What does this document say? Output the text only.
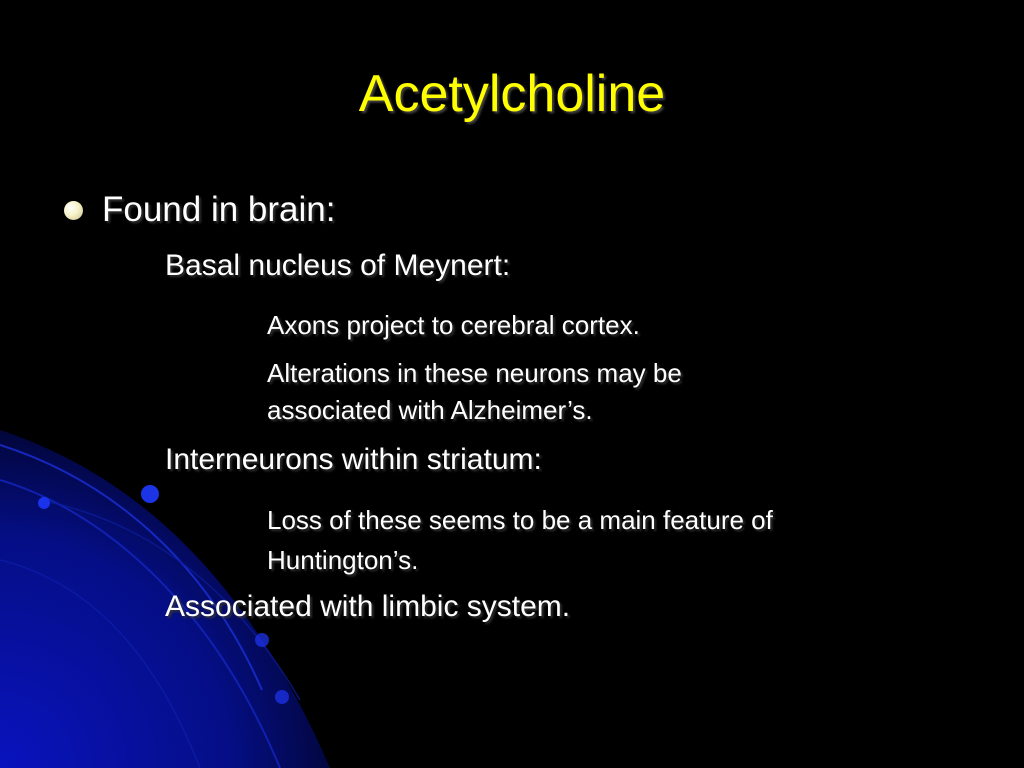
Acetylcholine

Found in brain:

Basal nucleus of Meynert:

Axons project to cerebral cortex.

Alterations in these neurons may be

associated with Alzheimer’s.

Interneurons within striatum:

Loss of these seems to be a main feature of

Huntington’s.

Associated with limbic system.
